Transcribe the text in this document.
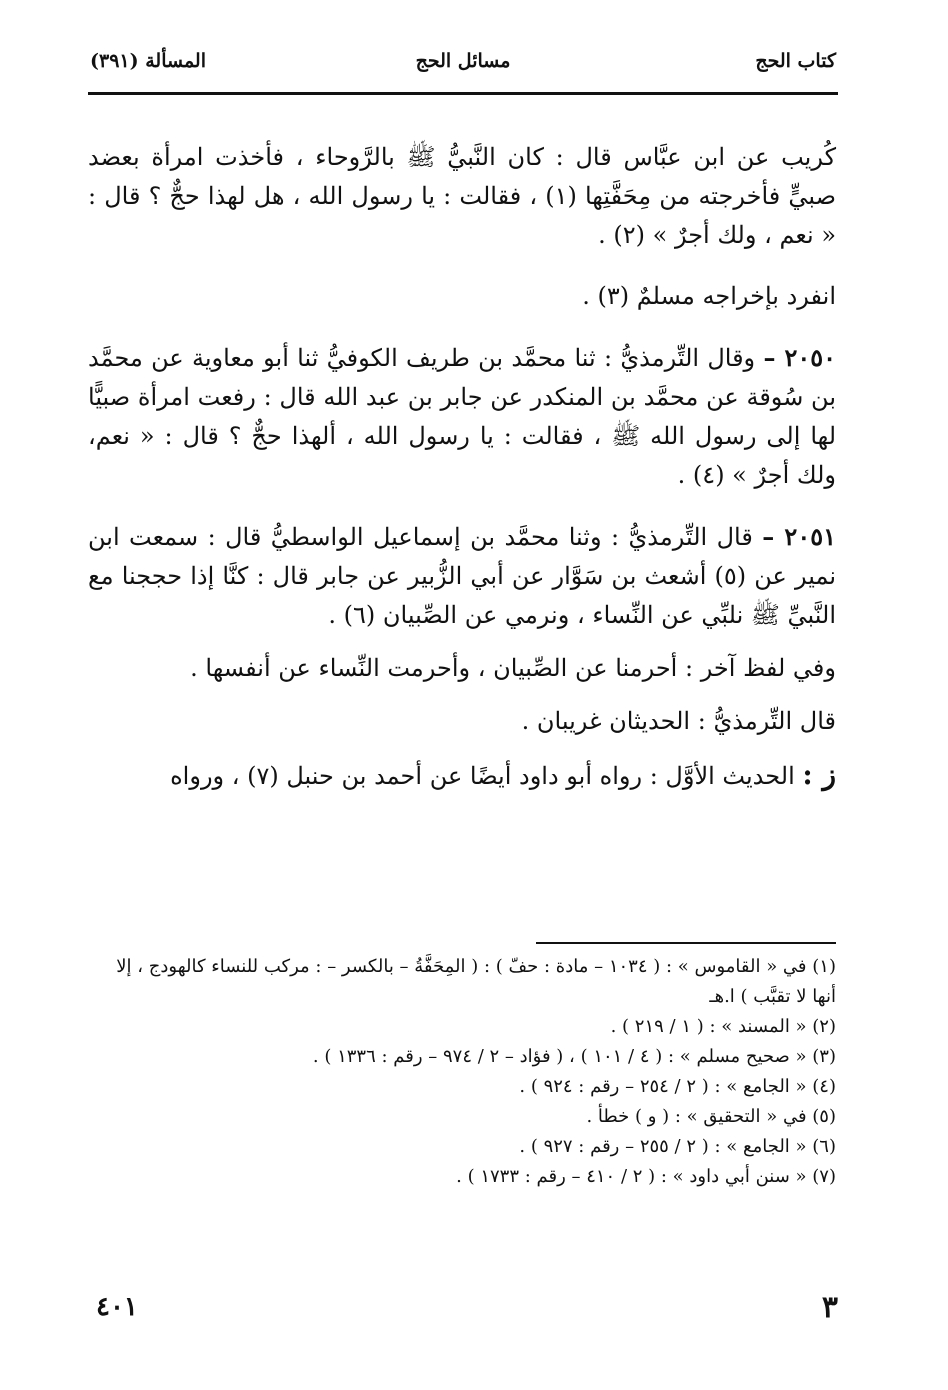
كتاب الحج
مسائل الحج
المسألة (٣٩١)

كُريب عن ابن عبَّاس قال : كان النَّبيُّ ﷺ بالرَّوحاء ، فأخذت امرأة بعضد صبيٍّ فأخرجته من مِحَفَّتِها (١) ، فقالت : يا رسول الله ، هل لهذا حجٌّ ؟ قال : « نعم ، ولك أجرٌ » (٢) .

انفرد بإخراجه مسلمٌ (٣) .

٢٠٥٠ – وقال التِّرمذيُّ : ثنا محمَّد بن طريف الكوفيُّ ثنا أبو معاوية عن محمَّد بن سُوقة عن محمَّد بن المنكدر عن جابر بن عبد الله قال : رفعت امرأة صبيًّا لها إلى رسول الله ﷺ ، فقالت : يا رسول الله ، ألهذا حجٌّ ؟ قال : « نعم، ولك أجرٌ » (٤) .

٢٠٥١ – قال التِّرمذيُّ : وثنا محمَّد بن إسماعيل الواسطيُّ قال : سمعت ابن نمير عن (٥) أشعث بن سَوَّار عن أبي الزُّبير عن جابر قال : كنَّا إذا حججنا مع النَّبيِّ ﷺ نلبِّي عن النِّساء ، ونرمي عن الصِّبيان (٦) .

وفي لفظ آخر : أحرمنا عن الصِّبيان ، وأحرمت النِّساء عن أنفسها .

قال التِّرمذيُّ : الحديثان غريبان .

ز : الحديث الأوَّل : رواه أبو داود أيضًا عن أحمد بن حنبل (٧) ، ورواه

(١) في « القاموس » : ( ١٠٣٤ – مادة : حفّ ) : ( المِحَفَّةُ – بالكسر – : مركب للنساء كالهودج ، إلا أنها لا تقبَّب ) ا.هـ

(٢) « المسند » : ( ١ / ٢١٩ ) .

(٣) « صحيح مسلم » : ( ٤ / ١٠١ ) ، ( فؤاد – ٢ / ٩٧٤ – رقم : ١٣٣٦ ) .

(٤) « الجامع » : ( ٢ / ٢٥٤ – رقم : ٩٢٤ ) .

(٥) في « التحقيق » : ( و ) خطأ .

(٦) « الجامع » : ( ٢ / ٢٥٥ – رقم : ٩٢٧ ) .

(٧) « سنن أبي داود » : ( ٢ / ٤١٠ – رقم : ١٧٣٣ ) .

٣
٤٠١
